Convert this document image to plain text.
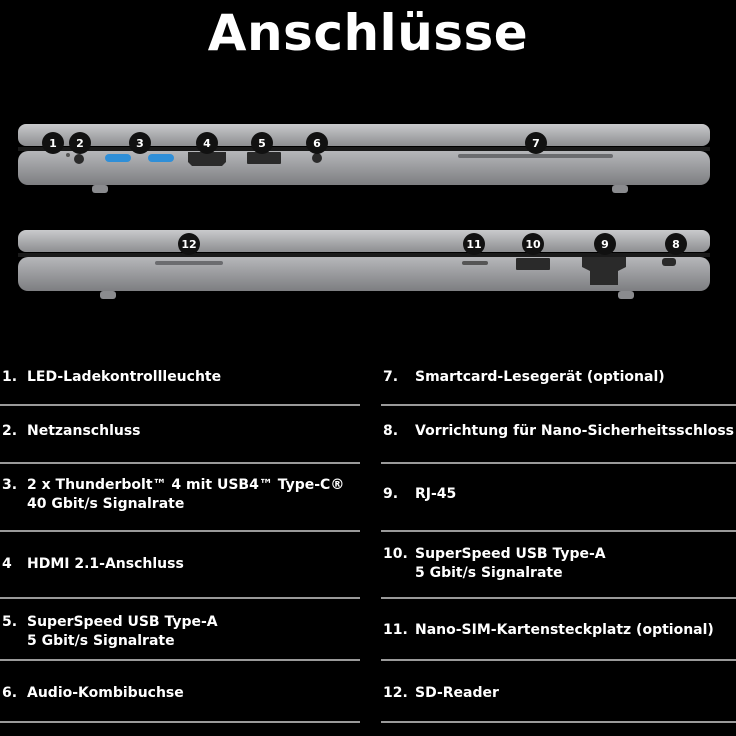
Anschlüsse
1 2	3	4	5	6	7
8
9
10
11
12
1. LED-Ladekontrollleuchte
2. Netzanschluss
3. 2 x Thunderbolt™ 4 mit USB4™ Type-C®
40 Gbit/s Signalrate
4 HDMI 2.1-Anschluss
5. SuperSpeed USB Type-A
5 Gbit/s Signalrate
6. Audio-Kombibuchse
7. Smartcard-Lesegerät (optional)
8. Vorrichtung für Nano-Sicherheitsschloss
9. RJ-45
10. SuperSpeed USB Type-A
5 Gbit/s Signalrate
11. Nano-SIM-Kartensteckplatz (optional)
12. SD-Reader
